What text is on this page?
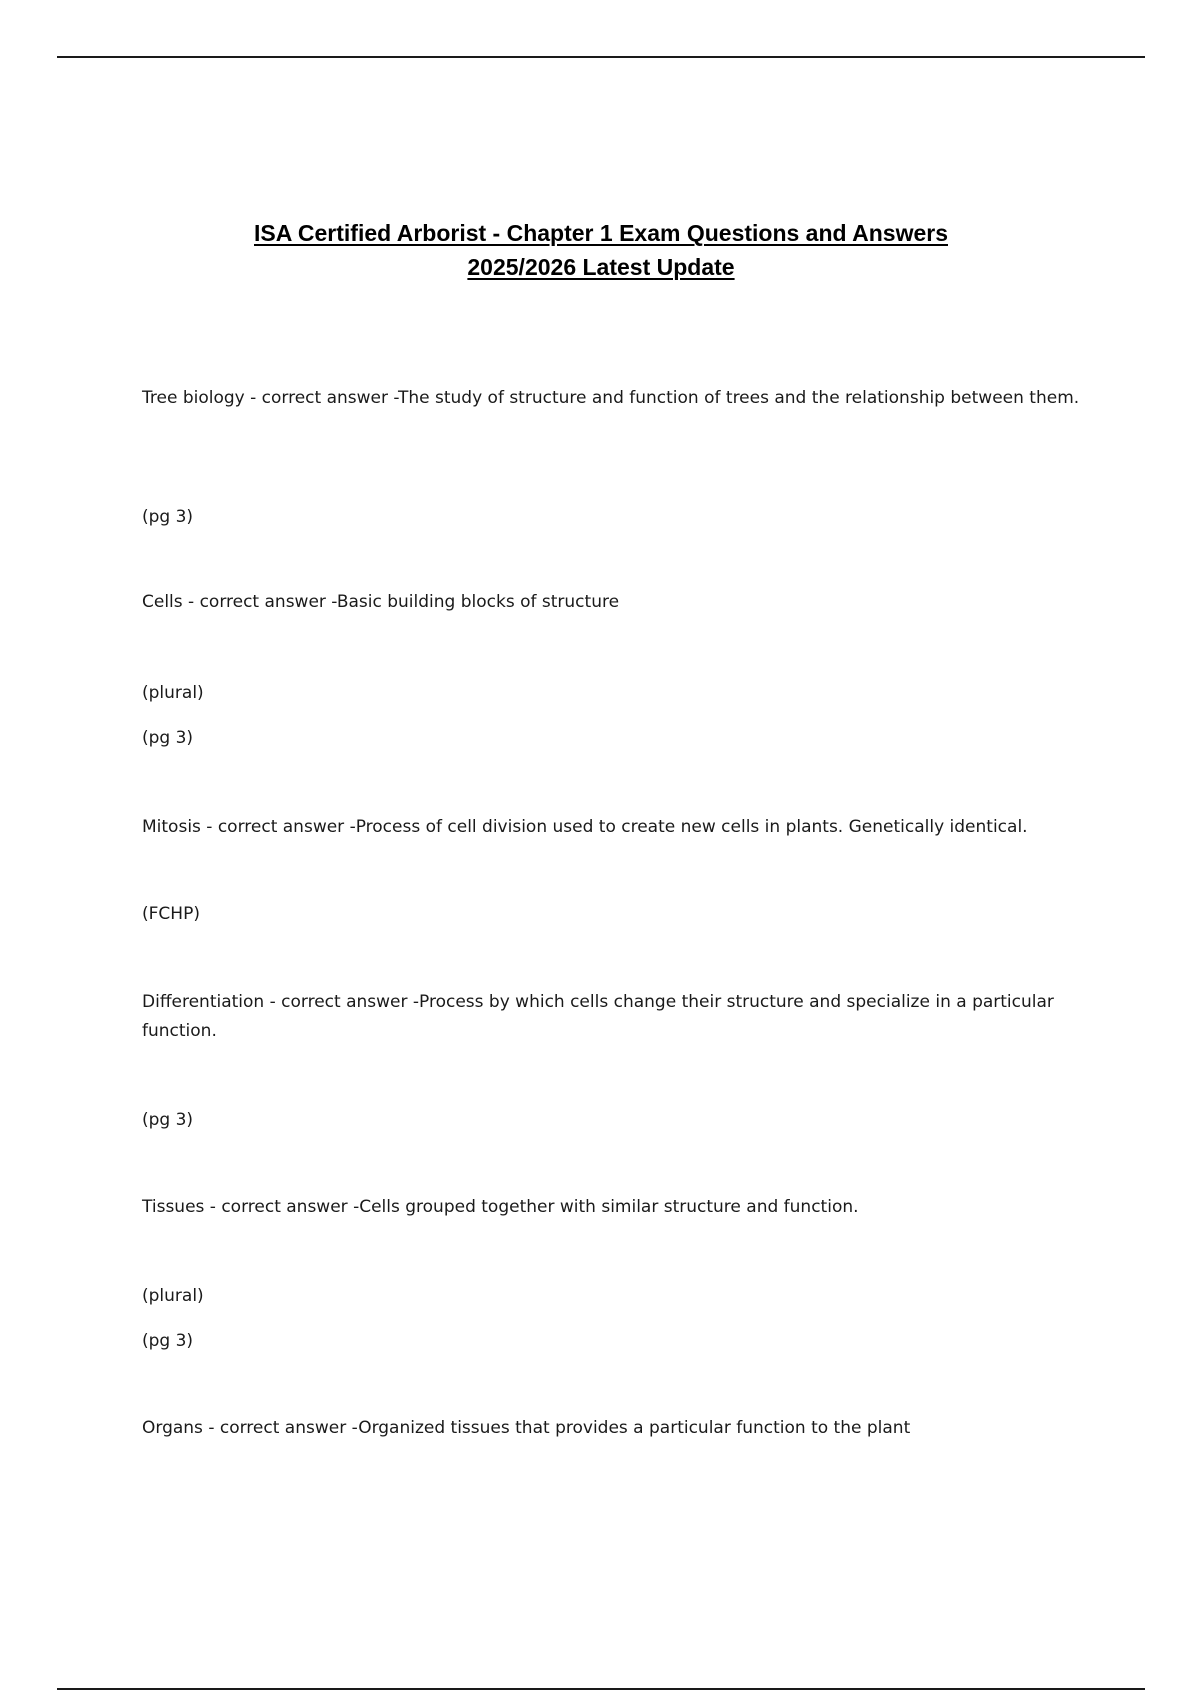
ISA Certified Arborist - Chapter 1 Exam Questions and Answers
2025/2026 Latest Update

Tree biology - correct answer -The study of structure and function of trees and the relationship between them.

(pg 3)

Cells - correct answer -Basic building blocks of structure

(plural)

(pg 3)

Mitosis - correct answer -Process of cell division used to create new cells in plants. Genetically identical.

(FCHP)

Differentiation - correct answer -Process by which cells change their structure and specialize in a particular function.

(pg 3)

Tissues - correct answer -Cells grouped together with similar structure and function.

(plural)

(pg 3)

Organs - correct answer -Organized tissues that provides a particular function to the plant
